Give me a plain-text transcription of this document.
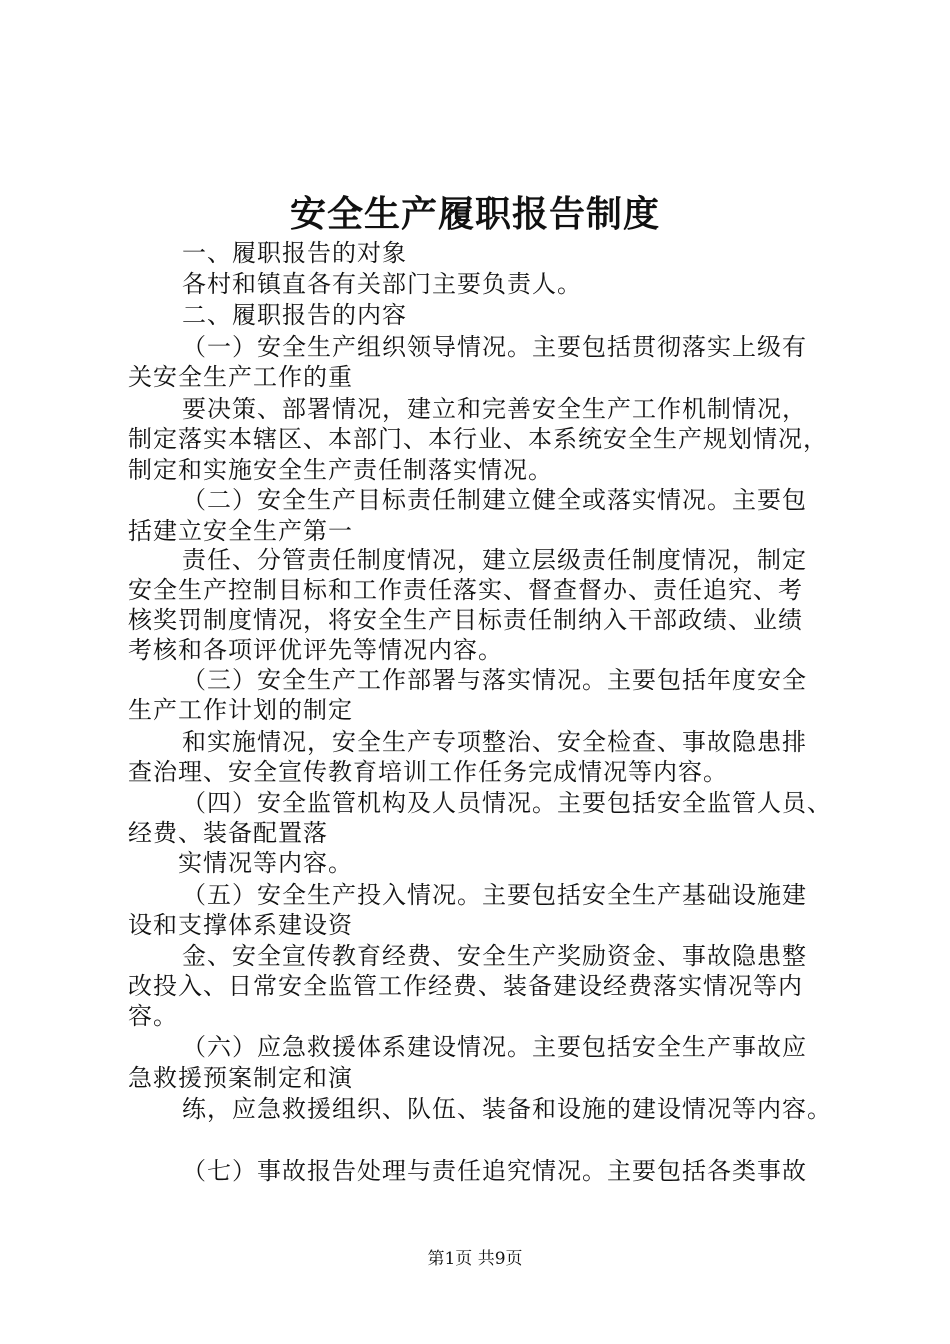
安全生产履职报告制度
一、履职报告的对象
各村和镇直各有关部门主要负责人。
二、履职报告的内容
（一）安全生产组织领导情况。主要包括贯彻落实上级有
关安全生产工作的重
要决策、部署情况，建立和完善安全生产工作机制情况，
制定落实本辖区、本部门、本行业、本系统安全生产规划情况，
制定和实施安全生产责任制落实情况。
（二）安全生产目标责任制建立健全或落实情况。主要包
括建立安全生产第一
责任、分管责任制度情况，建立层级责任制度情况，制定
安全生产控制目标和工作责任落实、督查督办、责任追究、考
核奖罚制度情况，将安全生产目标责任制纳入干部政绩、业绩
考核和各项评优评先等情况内容。
（三）安全生产工作部署与落实情况。主要包括年度安全
生产工作计划的制定
和实施情况，安全生产专项整治、安全检查、事故隐患排
查治理、安全宣传教育培训工作任务完成情况等内容。
（四）安全监管机构及人员情况。主要包括安全监管人员、
经费、装备配置落
实情况等内容。
（五）安全生产投入情况。主要包括安全生产基础设施建
设和支撑体系建设资
金、安全宣传教育经费、安全生产奖励资金、事故隐患整
改投入、日常安全监管工作经费、装备建设经费落实情况等内
容。
（六）应急救援体系建设情况。主要包括安全生产事故应
急救援预案制定和演
练，应急救援组织、队伍、装备和设施的建设情况等内容。
（七）事故报告处理与责任追究情况。主要包括各类事故
第1页 共9页
